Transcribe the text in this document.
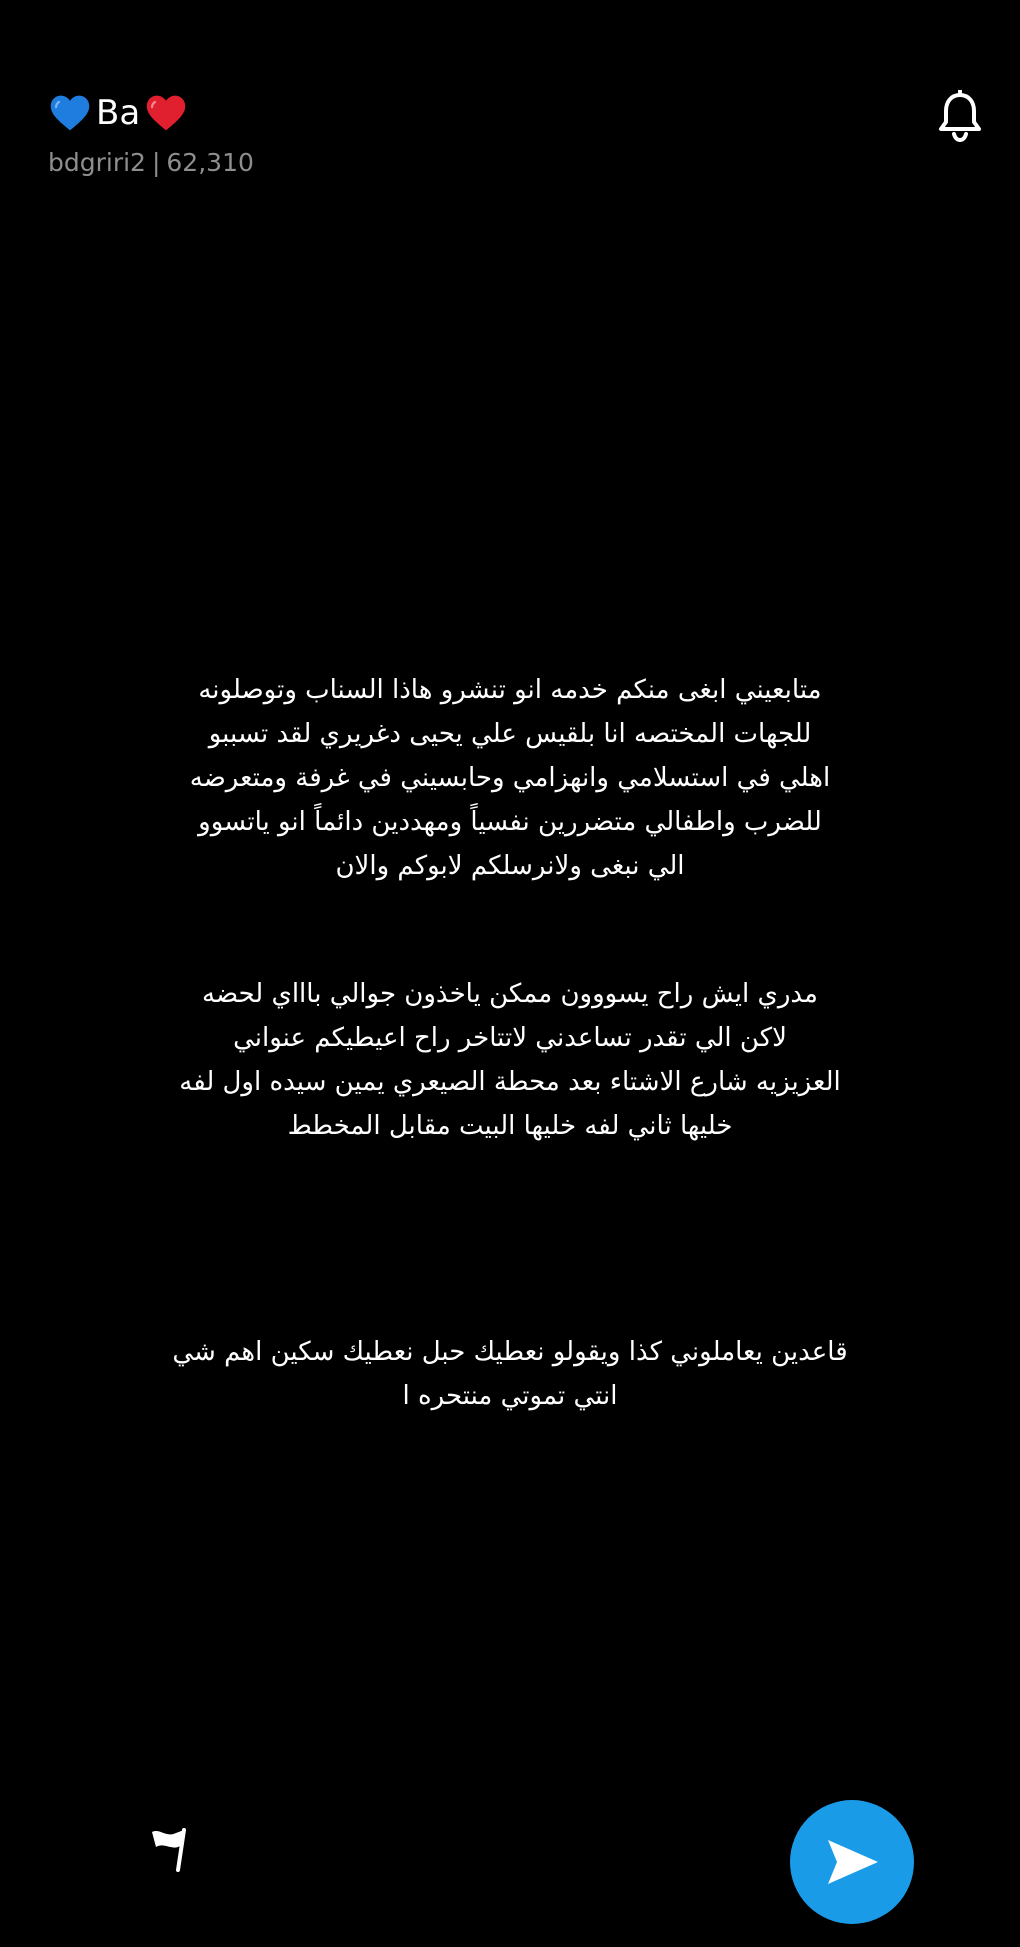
Ba
bdgriri2 | 62,310
متابعيني ابغى منكم خدمه انو تنشرو هاذا السناب وتوصلونه
للجهات المختصه انا بلقيس علي يحيى دغريري لقد تسببو
اهلي في استسلامي وانهزامي وحابسيني في غرفة ومتعرضه
للضرب واطفالي متضررين نفسياً ومهددين دائماً انو ياتسوو
الي نبغى ولانرسلكم لابوكم والان
مدري ايش راح يسووون ممكن ياخذون جوالي باااي لحضه
لاكن الي تقدر تساعدني لاتتاخر راح اعيطيكم عنواني
العزيزيه شارع الاشتاء بعد محطة الصيعري يمين سيده اول لفه
خليها ثاني لفه خليها البيت مقابل المخطط
قاعدين يعاملوني كذا ويقولو نعطيك حبل نعطيك سكين اهم شي
انتي تموتي منتحره ا
